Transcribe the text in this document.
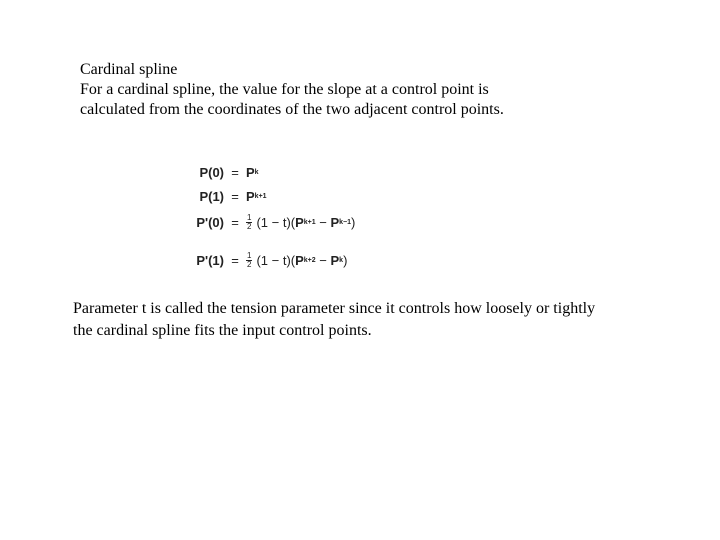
Cardinal spline
For a cardinal spline, the value for the slope at a control point is
calculated from the coordinates of the two adjacent control points.
P(0) = P k
P(1) = P k+1
$P'(0) = \frac{1}{2} (1 - t)$( P k+1 − P k−1 )
$P'(1) = \frac{1}{2} (1 - t)$( P k+2 − P k )
Parameter t is called the tension parameter since it controls how loosely or tightly
the cardinal spline fits the input control points.
